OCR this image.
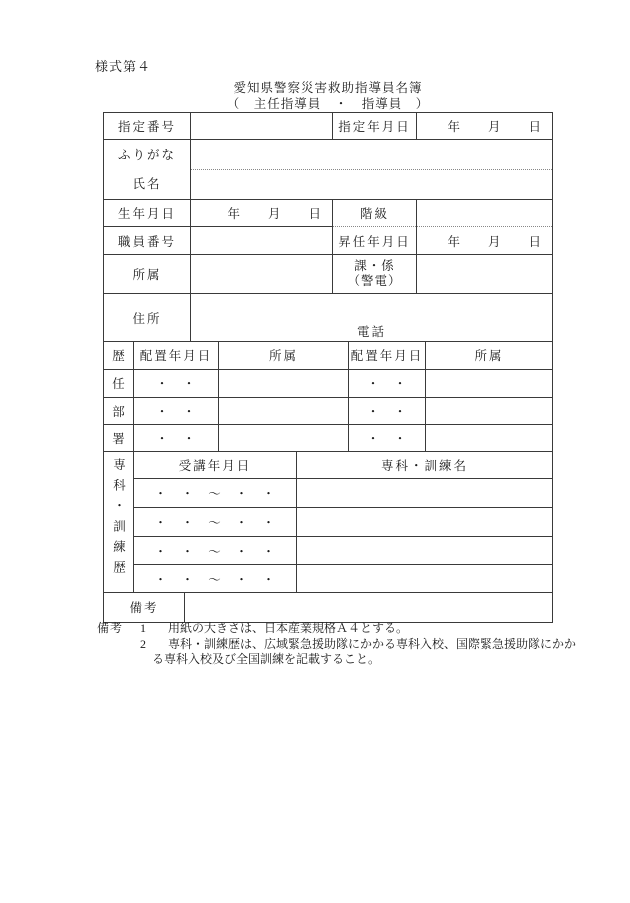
様式第４
愛知県警察災害救助指導員名簿
（　主任指導員　・　指導員　）
指定番号		指定年月日	年　　月　　日

ふりがな
氏名			

生年月日	年　　月　　日	階級	
職員番号		昇任年月日	年　　月　　日
所属		課・係
（警電）	

住所	電話		
歴	配置年月日	所属	配置年月日	所属
任	・　・		・　・	
部	・　・		・　・	
署	・　・		・　・	
専科・訓練歴	受講年月日	専科・訓練名
	・　・　～　・　・	
	・　・　～　・　・	
	・　・　～　・　・	
	・　・　～　・　・	
備考	
備考	1	用紙の大きさは、日本産業規格Ａ４とする。
2	専科・訓練歴は、広域緊急援助隊にかかる専科入校、国際緊急援助隊にかか
る専科入校及び全国訓練を記載すること。
